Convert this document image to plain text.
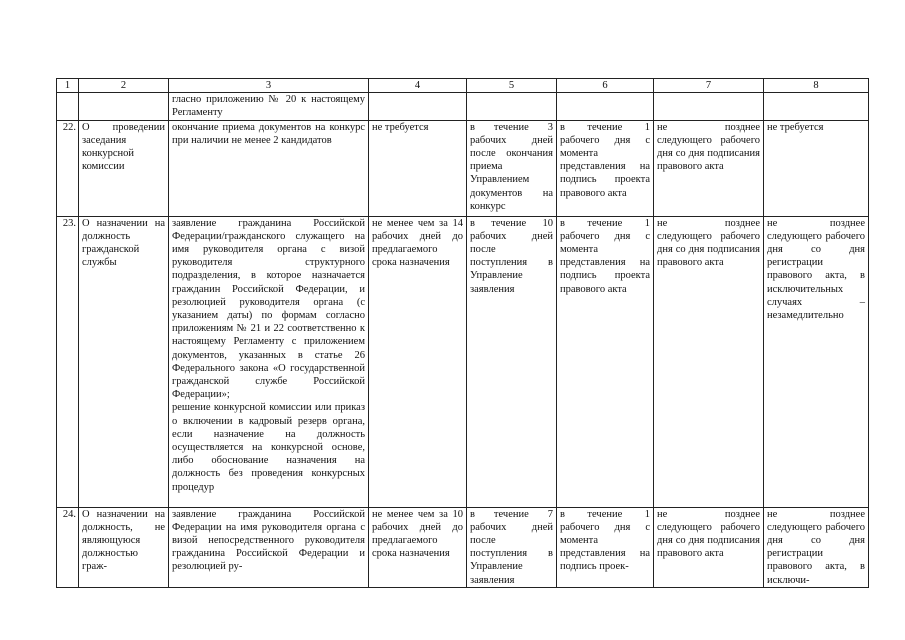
1	2	3	4	5	6	7	8
		гласно приложению № 20 к настоящему Регламенту					
22.	О проведении заседания конкурсной комиссии	окончание приема документов на конкурс при наличии не менее 2 кандидатов	не требуется	в течение 3 рабочих дней после окончания приема Управлением документов на конкурс	в течение 1 рабочего дня с момента представления на подпись проекта правового акта	не позднее следующего рабочего дня со дня подписания правового акта	не требуется
23.	О назначении на должность гражданской службы	заявление гражданина Российской Федерации/гражданского служащего на имя руководителя органа с визой руководителя структурного подразделения, в которое назначается гражданин Российской Федерации, и резолюцией руководителя органа (с указанием даты) по формам согласно приложениям № 21 и 22 соответственно к настоящему Регламенту с приложением документов, указанных в статье 26 Федерального закона «О государственной гражданской службе Российской Федерации»;
решение конкурсной комиссии или приказ о включении в кадровый резерв органа, если назначение на должность осуществляется на конкурсной основе, либо обоснование назначения на должность без проведения конкурсных процедур	не менее чем за 14 рабочих дней до предлагаемого срока назначения	в течение 10 рабочих дней после поступления в Управление заявления	в течение 1 рабочего дня с момента представления на подпись проекта правового акта	не позднее следующего рабочего дня со дня подписания правового акта	не позднее следующего рабочего дня со дня регистрации правового акта, в исключительных случаях – незамедлительно
24.	О назначении на должность, не являющуюся должностью граж-	заявление гражданина Российской Федерации на имя руководителя органа с визой непосредственного руководителя гражданина Российской Федерации и резолюцией ру-	не менее чем за 10 рабочих дней до предлагаемого срока назначения	в течение 7 рабочих дней после поступления в Управление заявления	в течение 1 рабочего дня с момента представления на подпись проек-	не позднее следующего рабочего дня со дня подписания правового акта	не позднее следующего рабочего дня со дня регистрации правового акта, в исключи-
